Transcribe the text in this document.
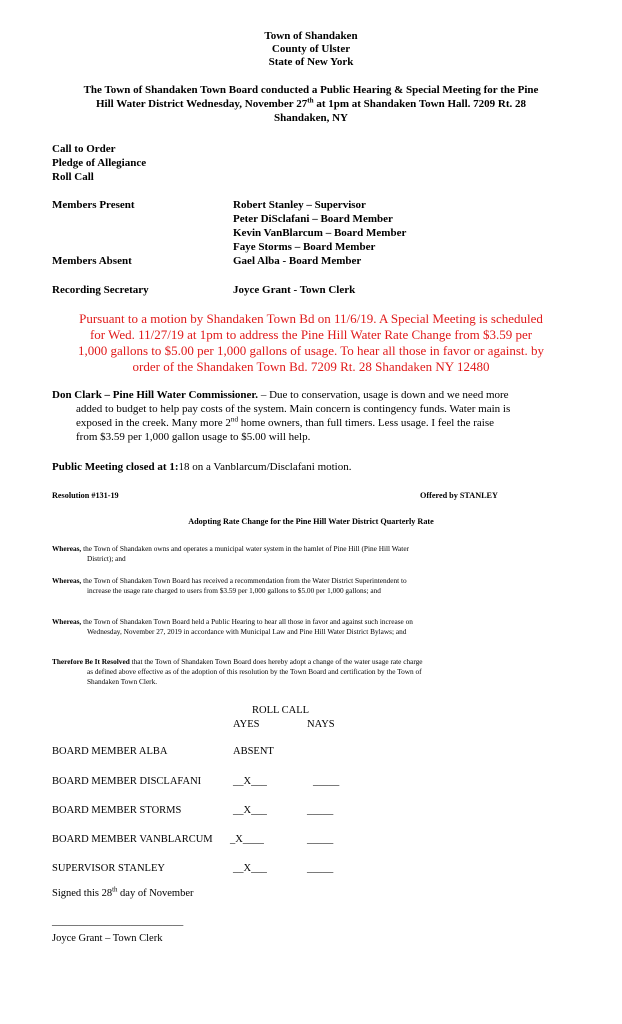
Town of Shandaken
County of Ulster
State of New York
The Town of Shandaken Town Board conducted a Public Hearing & Special Meeting for the Pine
Hill Water District Wednesday, November 27th at 1pm at Shandaken Town Hall. 7209 Rt. 28
Shandaken, NY
Call to Order
Pledge of Allegiance
Roll Call
Members Present	Robert Stanley – Supervisor
Peter DiSclafani – Board Member
Kevin VanBlarcum – Board Member
Faye Storms – Board Member
Members Absent	Gael Alba - Board Member
Recording Secretary	Joyce Grant - Town Clerk
Pursuant to a motion by Shandaken Town Bd on 11/6/19. A Special Meeting is scheduled
for Wed. 11/27/19 at 1pm to address the Pine Hill Water Rate Change from $3.59 per
1,000 gallons to $5.00 per 1,000 gallons of usage. To hear all those in favor or against. by
order of the Shandaken Town Bd. 7209 Rt. 28 Shandaken NY 12480
Don Clark – Pine Hill Water Commissioner. – Due to conservation, usage is down and we need more
added to budget to help pay costs of the system. Main concern is contingency funds. Water main is
exposed in the creek. Many more 2nd home owners, than full timers. Less usage. I feel the raise
from $3.59 per 1,000 gallon usage to $5.00 will help.
Public Meeting closed at 1:18 on a Vanblarcum/Disclafani motion.
Resolution #131-19	Offered by STANLEY
Adopting Rate Change for the Pine Hill Water District Quarterly Rate
Whereas, the Town of Shandaken owns and operates a municipal water system in the hamlet of Pine Hill (Pine Hill Water
District); and
Whereas, the Town of Shandaken Town Board has received a recommendation from the Water District Superintendent to
increase the usage rate charged to users from $3.59 per 1,000 gallons to $5.00 per 1,000 gallons; and
Whereas, the Town of Shandaken Town Board held a Public Hearing to hear all those in favor and against such increase on
Wednesday, November 27, 2019 in accordance with Municipal Law and Pine Hill Water District Bylaws; and
Therefore Be It Resolved that the Town of Shandaken Town Board does hereby adopt a change of the water usage rate charge
as defined above effective as of the adoption of this resolution by the Town Board and certification by the Town of
Shandaken Town Clerk.
ROLL CALL
AYES	NAYS
BOARD MEMBER ALBA	ABSENT
BOARD MEMBER DISCLAFANI	__X___	_____
BOARD MEMBER STORMS	__X___	_____
BOARD MEMBER VANBLARCUM _X____	_____
SUPERVISOR STANLEY	__X___	_____
Signed this 28th day of November
_________________________
Joyce Grant – Town Clerk
